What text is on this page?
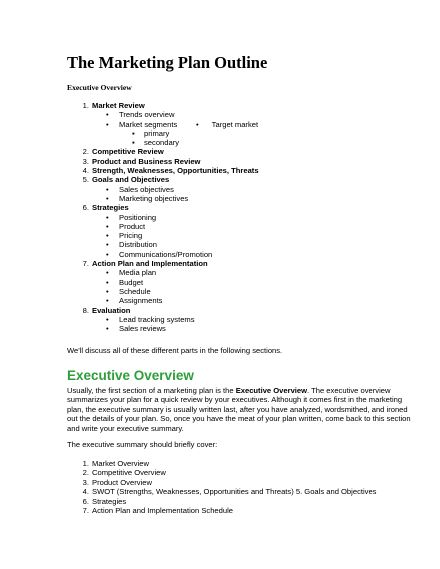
The Marketing Plan Outline
Executive Overview
1. Market Review
• Trends overview
• Market segments • Target market
▪ primary
▪ secondary
2. Competitive Review
3. Product and Business Review
4. Strength, Weaknesses, Opportunities, Threats
5. Goals and Objectives
• Sales objectives
• Marketing objectives
6. Strategies
• Positioning
• Product
• Pricing
• Distribution
• Communications/Promotion
7. Action Plan and Implementation
• Media plan
• Budget
• Schedule
• Assignments
8. Evaluation
• Lead tracking systems
• Sales reviews

We'll discuss all of these different parts in the following sections.

Executive Overview

Usually, the first section of a marketing plan is the Executive Overview. The executive overview summarizes your plan for a quick review by your executives. Although it comes first in the marketing plan, the executive summary is usually written last, after you have analyzed, wordsmithed, and ironed out the details of your plan. So, once you have the meat of your plan written, come back to this section and write your executive summary.

The executive summary should briefly cover:

1. Market Overview
2. Competitive Overview
3. Product Overview
4. SWOT (Strengths, Weaknesses, Opportunities and Threats) 5. Goals and Objectives
6. Strategies
7. Action Plan and Implementation Schedule
